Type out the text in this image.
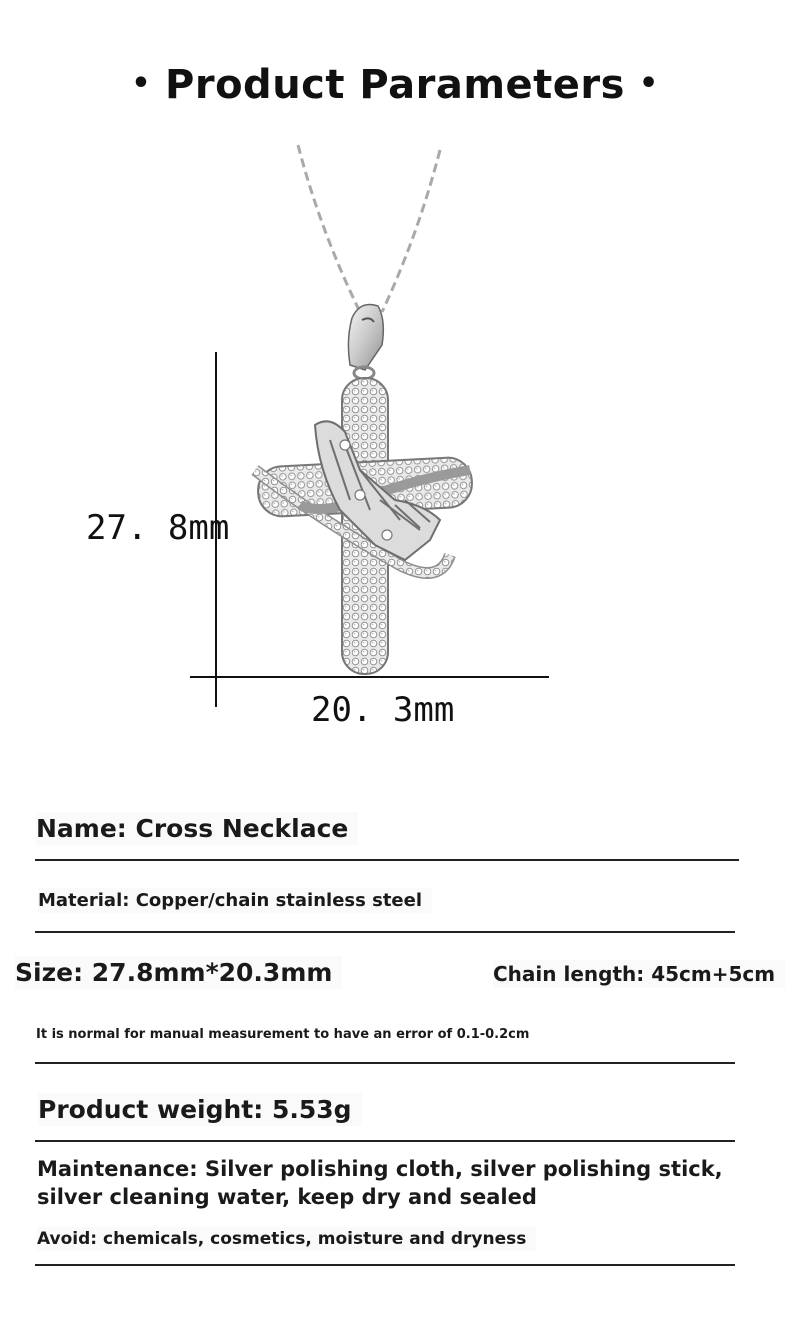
• Product Parameters •
27. 8mm
20. 3mm
Name: Cross Necklace
Material: Copper/chain stainless steel
Size: 27.8mm*20.3mm	Chain length: 45cm+5cm
It is normal for manual measurement to have an error of 0.1-0.2cm
Product weight: 5.53g
Maintenance: Silver polishing cloth, silver polishing stick, silver cleaning water, keep dry and sealed
Avoid: chemicals, cosmetics, moisture and dryness
